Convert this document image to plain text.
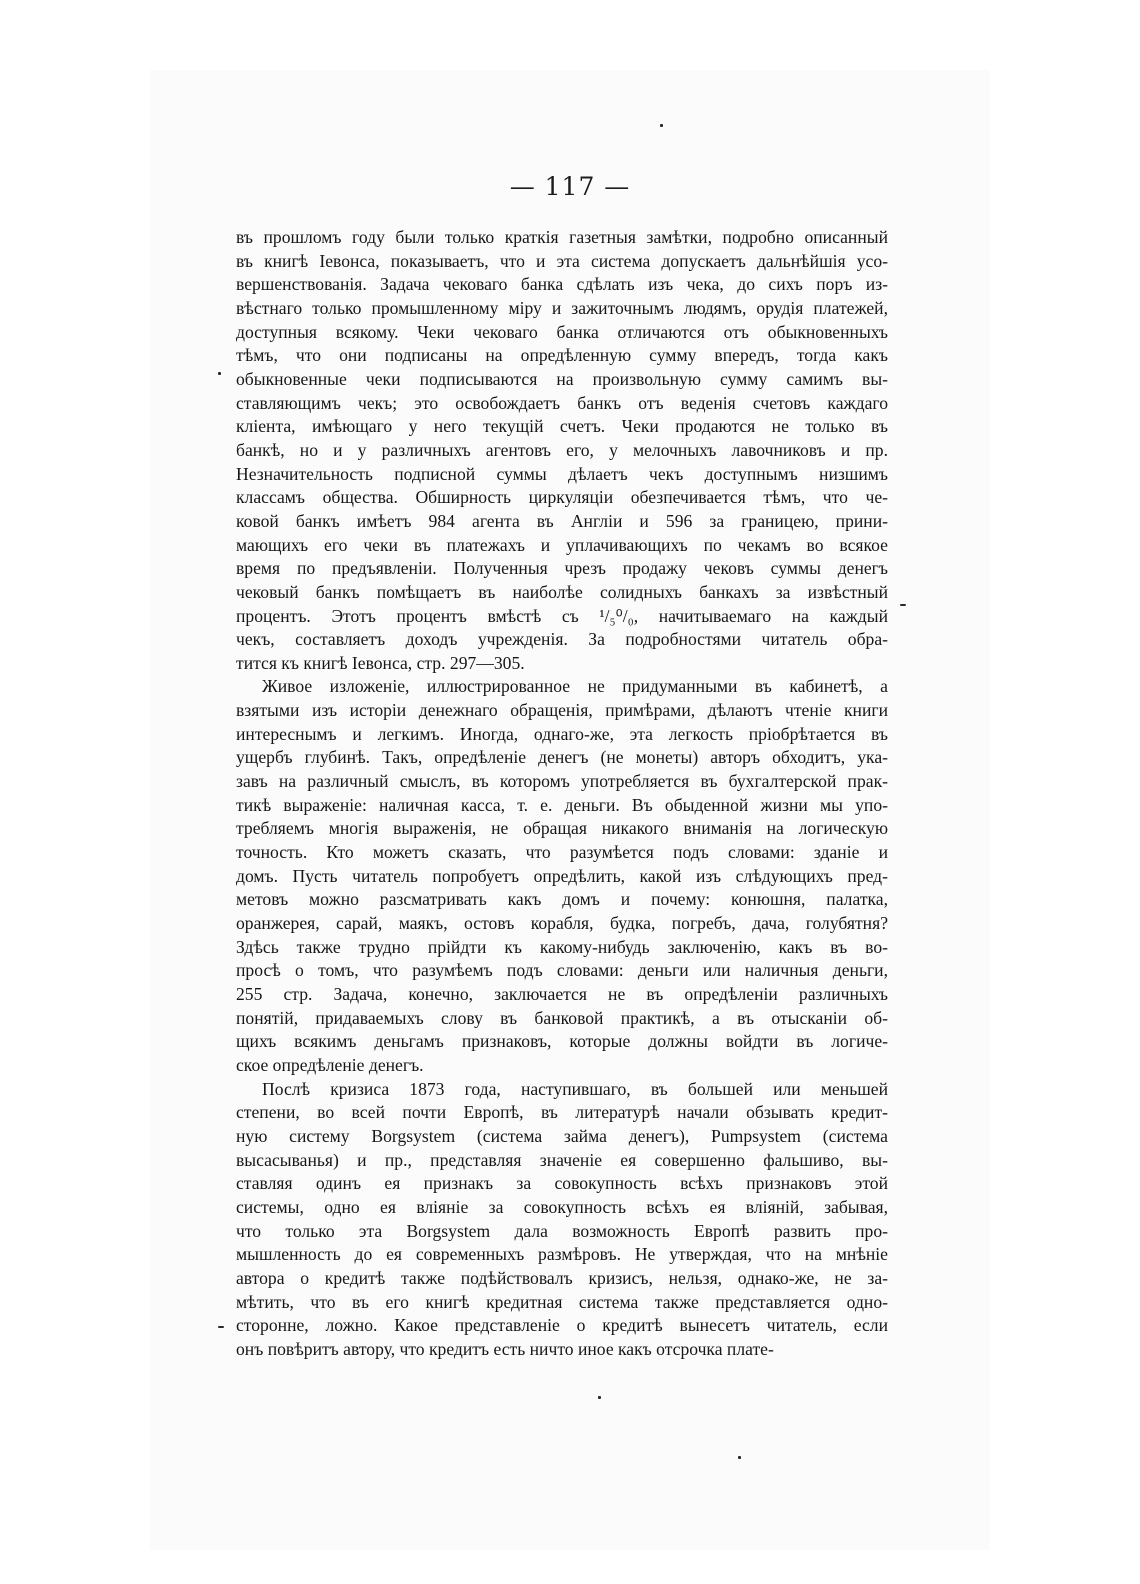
— 117 —
въ прошломъ году были только краткія газетныя замѣтки, подробно описанный
въ книгѣ Іевонса, показываетъ, что и эта система допускаетъ дальнѣйшія усо-
вершенствованія. Задача чековаго банка сдѣлать изъ чека, до сихъ поръ из-
вѣстнаго только промышленному міру и зажиточнымъ людямъ, орудія платежей,
доступныя всякому. Чеки чековаго банка отличаются отъ обыкновенныхъ
тѣмъ, что они подписаны на опредѣленную сумму впередъ, тогда какъ
обыкновенные чеки подписываются на произвольную сумму самимъ вы-
ставляющимъ чекъ; это освобождаетъ банкъ отъ веденія счетовъ каждаго
кліента, имѣющаго у него текущій счетъ. Чеки продаются не только въ
банкѣ, но и у различныхъ агентовъ его, у мелочныхъ лавочниковъ и пр.
Незначительность подписной суммы дѣлаетъ чекъ доступнымъ низшимъ
классамъ общества. Обширность циркуляціи обезпечивается тѣмъ, что че-
ковой банкъ имѣетъ 984 агента въ Англіи и 596 за границею, прини-
мающихъ его чеки въ платежахъ и уплачивающихъ по чекамъ во всякое
время по предъявленіи. Полученныя чрезъ продажу чековъ суммы денегъ
чековый банкъ помѣщаетъ въ наиболѣе солидныхъ банкахъ за извѣстный
процентъ. Этотъ процентъ вмѣстѣ съ ¹/₅⁰/₀, начитываемаго на каждый
чекъ, составляетъ доходъ учрежденія. За подробностями читатель обра-
тится къ книгѣ Іевонса, стр. 297—305.
Живое изложеніе, иллюстрированное не придуманными въ кабинетѣ, а
взятыми изъ исторіи денежнаго обращенія, примѣрами, дѣлаютъ чтеніе книги
интереснымъ и легкимъ. Иногда, однаго-же, эта легкость пріобрѣтается въ
ущербъ глубинѣ. Такъ, опредѣленіе денегъ (не монеты) авторъ обходитъ, ука-
завъ на различный смыслъ, въ которомъ употребляется въ бухгалтерской прак-
тикѣ выраженіе: наличная касса, т. е. деньги. Въ обыденной жизни мы упо-
требляемъ многія выраженія, не обращая никакого вниманія на логическую
точность. Кто можетъ сказать, что разумѣется подъ словами: зданіе и
домъ. Пусть читатель попробуетъ опредѣлить, какой изъ слѣдующихъ пред-
метовъ можно разсматривать какъ домъ и почему: конюшня, палатка,
оранжерея, сарай, маякъ, остовъ корабля, будка, погребъ, дача, голубятня?
Здѣсь также трудно прійдти къ какому-нибудь заключенію, какъ въ во-
просѣ о томъ, что разумѣемъ подъ словами: деньги или наличныя деньги,
255 стр. Задача, конечно, заключается не въ опредѣленіи различныхъ
понятій, придаваемыхъ слову въ банковой практикѣ, а въ отысканіи об-
щихъ всякимъ деньгамъ признаковъ, которые должны войдти въ логиче-
ское опредѣленіе денегъ.
Послѣ кризиса 1873 года, наступившаго, въ большей или меньшей
степени, во всей почти Европѣ, въ литературѣ начали обзывать кредит-
ную систему Borgsystem (система займа денегъ), Pumpsystem (система
высасыванья) и пр., представляя значеніе ея совершенно фальшиво, вы-
ставляя одинъ ея признакъ за совокупность всѣхъ признаковъ этой
системы, одно ея вліяніе за совокупность всѣхъ ея вліяній, забывая,
что только эта Borgsystem дала возможность Европѣ развить про-
мышленность до ея современныхъ размѣровъ. Не утверждая, что на мнѣніе
автора о кредитѣ также подѣйствовалъ кризисъ, нельзя, однако-же, не за-
мѣтить, что въ его книгѣ кредитная система также представляется одно-
сторонне, ложно. Какое представленіе о кредитѣ вынесетъ читатель, если
онъ повѣритъ автору, что кредитъ есть ничто иное какъ отсрочка плате-
